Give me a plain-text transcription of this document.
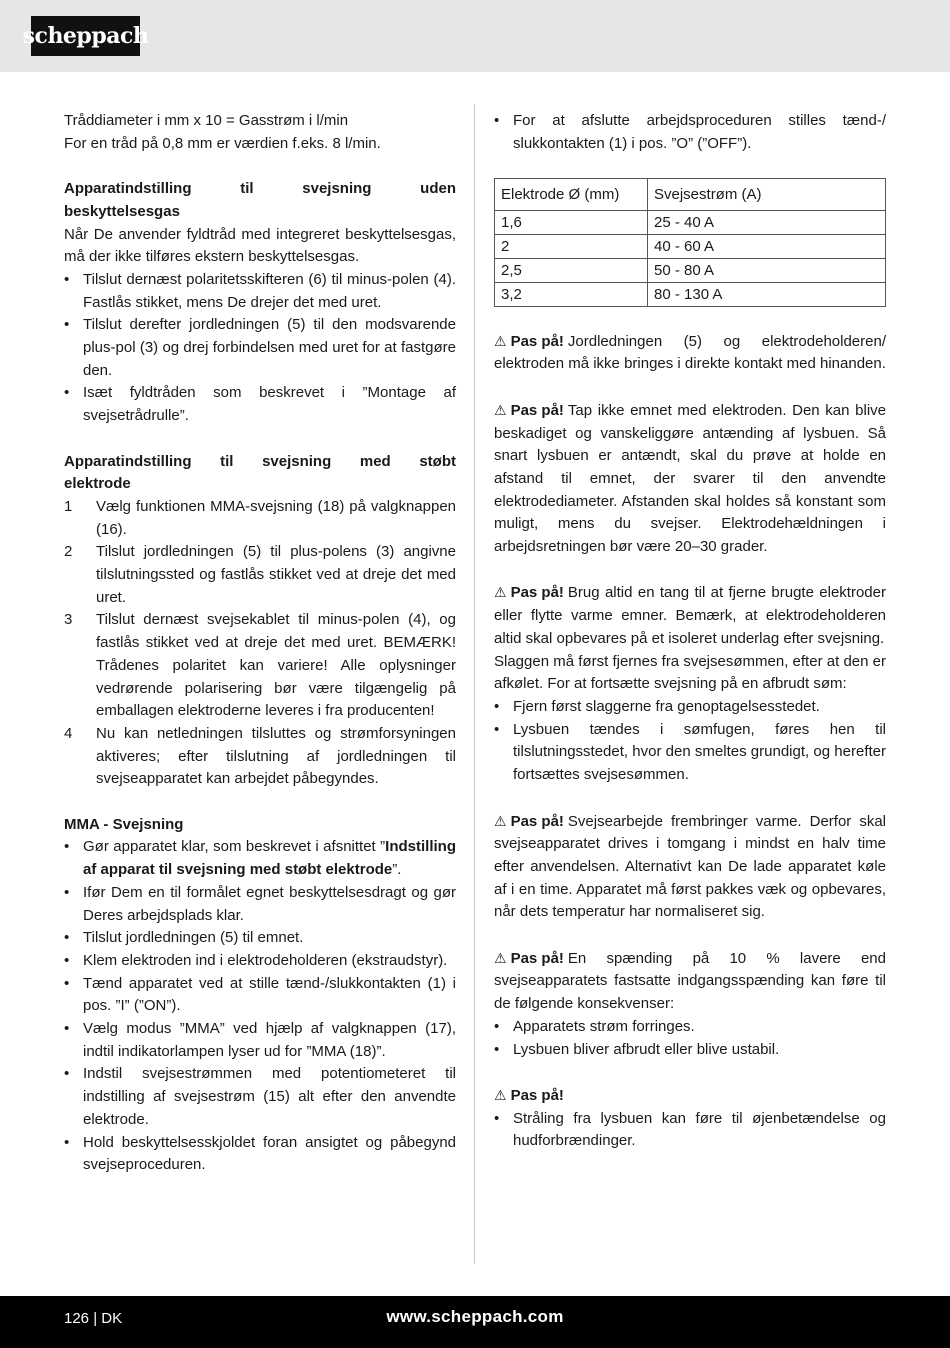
scheppach
Tråddiameter i mm x 10 = Gasstrøm i l/min
For en tråd på 0,8 mm er værdien f.eks. 8 l/min.
Apparatindstilling til svejsning uden
beskyttelsesgas
Når De anvender fyldtråd med integreret beskyttelsesgas, må der ikke tilføres ekstern beskyttelsesgas.
• Tilslut dernæst polaritetsskifteren (6) til minus-polen (4). Fastlås stikket, mens De drejer det med uret.
• Tilslut derefter jordledningen (5) til den modsvarende plus-pol (3) og drej forbindelsen med uret for at fastgøre den.
• Isæt fyldtråden som beskrevet i ”Montage af svejsetrådrulle”.
Apparatindstilling til svejsning med støbt
elektrode
1 Vælg funktionen MMA-svejsning (18) på valgknappen (16).
2 Tilslut jordledningen (5) til plus-polens (3) angivne tilslutningssted og fastlås stikket ved at dreje det med uret.
3 Tilslut dernæst svejsekablet til minus-polen (4), og fastlås stikket ved at dreje det med uret. BEMÆRK! Trådenes polaritet kan variere! Alle oplysninger vedrørende polarisering bør være tilgængelig på emballagen elektroderne leveres i fra producenten!
4 Nu kan netledningen tilsluttes og strømforsyningen aktiveres; efter tilslutning af jordledningen til svejseapparatet kan arbejdet påbegyndes.
MMA - Svejsning
• Gør apparatet klar, som beskrevet i afsnittet ”Indstilling af apparat til svejsning med støbt elektrode”.
• Ifør Dem en til formålet egnet beskyttelsesdragt og gør Deres arbejdsplads klar.
• Tilslut jordledningen (5) til emnet.
• Klem elektroden ind i elektrodeholderen (ekstraudstyr).
• Tænd apparatet ved at stille tænd-/slukkontakten (1) i pos. ”I” (”ON”).
• Vælg modus ”MMA” ved hjælp af valgknappen (17), indtil indikatorlampen lyser ud for ”MMA (18)”.
• Indstil svejsestrømmen med potentiometeret til indstilling af svejsestrøm (15) alt efter den anvendte elektrode.
• Hold beskyttelsesskjoldet foran ansigtet og påbegynd svejseproceduren.
• For at afslutte arbejdsproceduren stilles tænd-/ slukkontakten (1) i pos. ”O” (”OFF”).
Elektrode Ø (mm)	Svejsestrøm (A)
1,6	25 - 40 A
2	40 - 60 A
2,5	50 - 80 A
3,2	80 - 130 A
⚠ Pas på! Jordledningen (5) og elektrodeholderen/ elektroden må ikke bringes i direkte kontakt med hinanden.
⚠ Pas på! Tap ikke emnet med elektroden. Den kan blive beskadiget og vanskeliggøre antænding af lysbuen. Så snart lysbuen er antændt, skal du prøve at holde en afstand til emnet, der svarer til den anvendte elektrodediameter. Afstanden skal holdes så konstant som muligt, mens du svejser. Elektrodehældningen i arbejdsretningen bør være 20–30 grader.
⚠ Pas på! Brug altid en tang til at fjerne brugte elektroder eller flytte varme emner. Bemærk, at elektrodeholderen altid skal opbevares på et isoleret underlag efter svejsning.
Slaggen må først fjernes fra svejsesømmen, efter at den er afkølet. For at fortsætte svejsning på en afbrudt søm:
• Fjern først slaggerne fra genoptagelsesstedet.
• Lysbuen tændes i sømfugen, føres hen til tilslutningsstedet, hvor den smeltes grundigt, og herefter fortsættes svejsesømmen.
⚠ Pas på! Svejsearbejde frembringer varme. Derfor skal svejseapparatet drives i tomgang i mindst en halv time efter anvendelsen. Alternativt kan De lade apparatet køle af i en time. Apparatet må først pakkes væk og opbevares, når dets temperatur har normaliseret sig.
⚠ Pas på! En spænding på 10 % lavere end svejseapparatets fastsatte indgangsspænding kan føre til de følgende konsekvenser:
• Apparatets strøm forringes.
• Lysbuen bliver afbrudt eller blive ustabil.
⚠ Pas på!
• Stråling fra lysbuen kan føre til øjenbetændelse og hudforbrændinger.
126 | DK	www.scheppach.com
